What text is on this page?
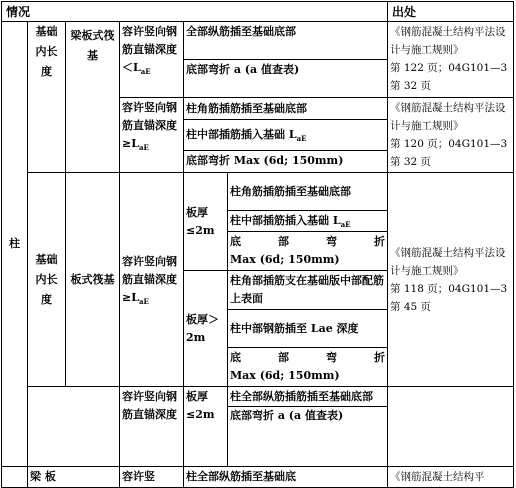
情况						出处
柱	基础内长度	梁板式筏基	容许竖向钢筋直锚深度$<L_{aE}$	全部纵筋插至基础底部		《钢筋混凝土结构平法设计与施工规则》
第 122 页；04G101—3
第 32 页

				底部弯折 a (a 值查表)		
			容许竖向钢筋直锚深度$\ge L_{aE}$	柱角筋插筋插至基础底部		《钢筋混凝土结构平法设计与施工规则》
第 120 页；04G101—3
第 32 页

				柱中部插筋插入基础 $L_{aE}$
				底部弯折 Max (6d; 150mm)		
	基础内长度	板式筏基	容许竖向钢筋直锚深度$\ge L_{aE}$	板厚≤2m	柱角筋插筋插至基础底部	《钢筋混凝土结构平法设计与施工规则》
第 118 页；04G101—3
第 45 页

					柱中部插筋插入基础 $L_{aE}$

					底部弯折
Max (6d; 150mm)	

				板厚＞2m	柱角部插筋支在基础版中部配筋上表面	
					柱中部钢筋插至 Lae 深度	

					底部弯折
Max (6d; 150mm)	

			容许竖向钢筋直锚深度	板厚≤2m	柱全部纵筋插筋插至基础底部
底部弯折 a (a 值查表)	

	梁 板		容许竖	柱全部纵筋插至基础底		《钢筋混凝土结构平
